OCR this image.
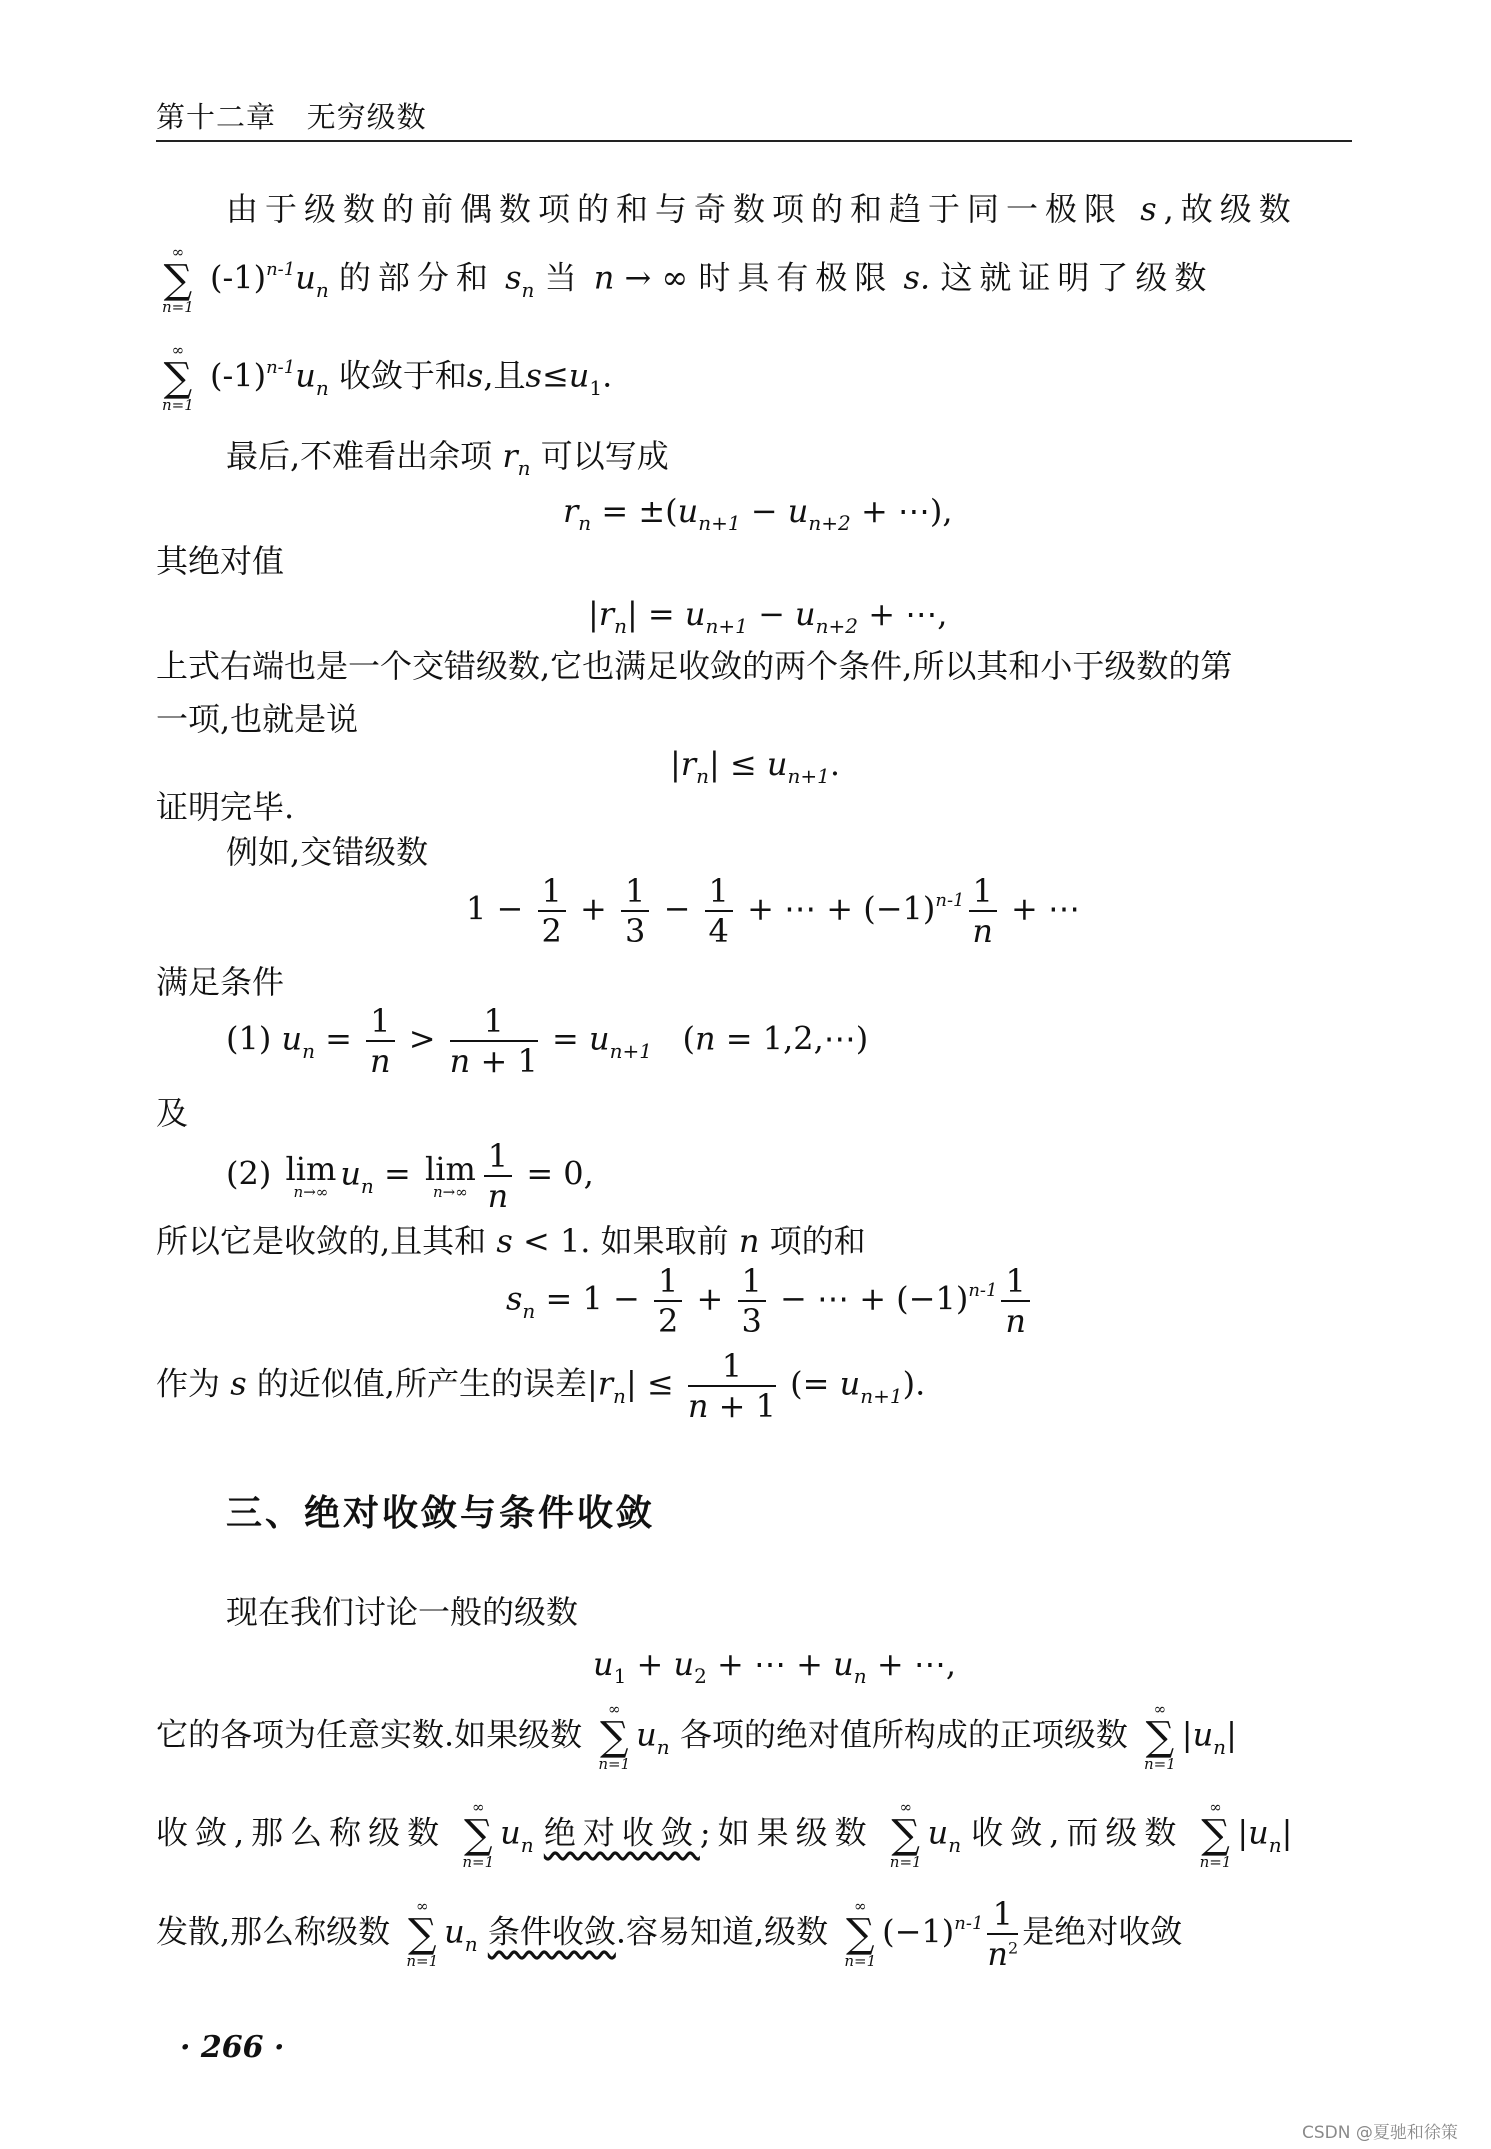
第十二章 无穷级数
由于级数的前偶数项的和与奇数项的和趋于同一极限 s,故级数
∞
∑
n=1
$(-1)^{n-1}u_n$ 的部分和 $s_n$ 当 n → ∞ 时具有极限 s. 这就证明了级数
∞
∑
n=1
$(-1)^{n-1}u_n$ 收敛于和s,且$s\le u_1$.
最后,不难看出余项 $r_n$ 可以写成
$r_n = \pm(u_{n+1} - u_{n+2}$ + ⋯),
其绝对值
$|r_n| = u_{n+1} - u_{n+2}$ + ⋯,
上式右端也是一个交错级数,它也满足收敛的两个条件,所以其和小于级数的第
一项,也就是说
$|r_n| \le u_{n+1}$.
证明完毕.
例如,交错级数
$1 - \frac{1}{2} + \frac{1}{3} - \frac{1}{4}$ + ⋯ + $(-1)^{n-1} \frac{1}{n}$ + ⋯
满足条件
(1) $u_n = \frac{1}{n} > \frac{1}{n + 1} = u_{n+1}$   (n = 1,2,⋯)
及
(2) lim
n→∞ $u_n = \lim$
$n\to\infty \frac{1}{n} = 0$,
所以它是收敛的,且其和 s < 1. 如果取前 n 项的和
$s_n = 1 - \frac{1}{2} + \frac{1}{3}$ − ⋯ + $(-1)^{n-1} \frac{1}{n}$
作为 s 的近似值,所产生的误差$|r_n| \le \frac{1}{n + 1}$ (= $u_{n+1}$).
三、绝对收敛与条件收敛
现在我们讨论一般的级数
$u_1 + u_2$ + ⋯ + $u_n$ + ⋯,
它的各项为任意实数.如果级数
∞
∑
n=1
$u_n$ 各项的绝对值所构成的正项级数
∞
∑
n=1
$|u_n|$
收敛,那么称级数
∞
∑
n=1
$u_n$ 绝对收敛;如果级数
∞
∑
n=1
$u_n$ 收敛,而级数
∞
∑
n=1
$|u_n|$
发散,那么称级数
∞
∑
n=1
$u_n$ 条件收敛.容易知道,级数
∞
∑
n=1
$(-1)^{n-1} \frac{1}{n^2}$ 是绝对收敛
· 266 ·
CSDN @夏驰和徐策
